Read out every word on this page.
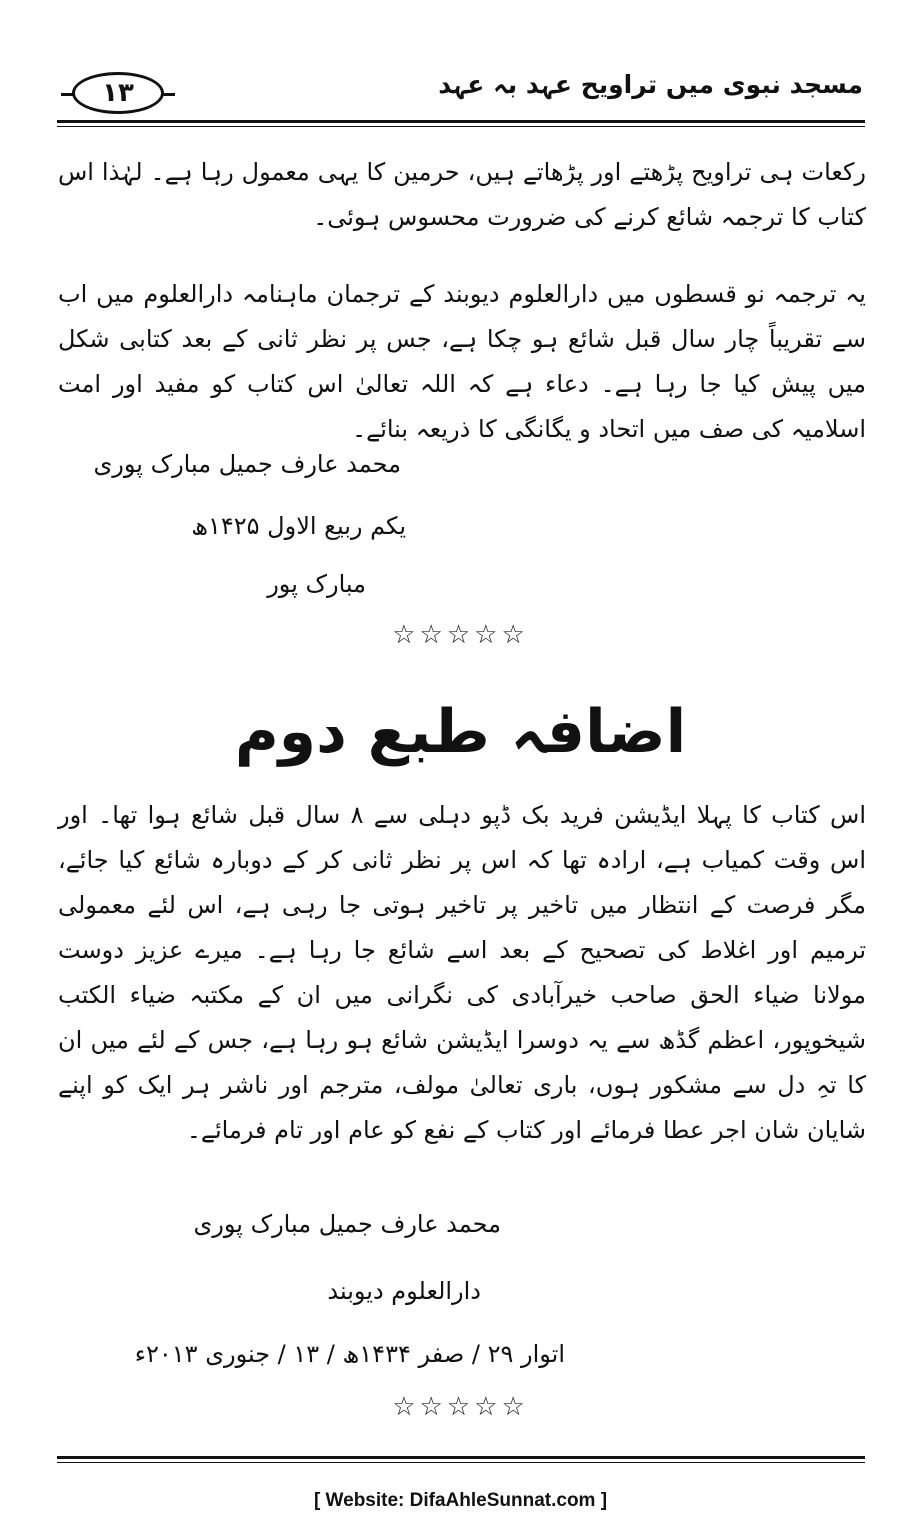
۱۳	مسجد نبوی میں تراویح عہد بہ عہد
رکعات ہی تراویح پڑھتے اور پڑھاتے ہیں، حرمین کا یہی معمول رہا ہے۔ لہٰذا اس کتاب کا ترجمہ شائع کرنے کی ضرورت محسوس ہوئی۔
یہ ترجمہ نو قسطوں میں دارالعلوم دیوبند کے ترجمان ماہنامہ دارالعلوم میں اب سے تقریباً چار سال قبل شائع ہو چکا ہے، جس پر نظر ثانی کے بعد کتابی شکل میں پیش کیا جا رہا ہے۔ دعاء ہے کہ اللہ تعالیٰ اس کتاب کو مفید اور امت اسلامیہ کی صف میں اتحاد و یگانگی کا ذریعہ بنائے۔
محمد عارف جمیل مبارک پوری
یکم ربیع الاول ۱۴۲۵ھ
مبارک پور
☆☆☆☆☆
اضافہ طبع دوم
اس کتاب کا پہلا ایڈیشن فرید بک ڈپو دہلی سے ۸ سال قبل شائع ہوا تھا۔ اور اس وقت کمیاب ہے، ارادہ تھا کہ اس پر نظر ثانی کر کے دوبارہ شائع کیا جائے، مگر فرصت کے انتظار میں تاخیر پر تاخیر ہوتی جا رہی ہے، اس لئے معمولی ترمیم اور اغلاط کی تصحیح کے بعد اسے شائع جا رہا ہے۔ میرے عزیز دوست مولانا ضیاء الحق صاحب خیرآبادی کی نگرانی میں ان کے مکتبہ ضیاء الکتب شیخوپور، اعظم گڈھ سے یہ دوسرا ایڈیشن شائع ہو رہا ہے، جس کے لئے میں ان کا تہِ دل سے مشکور ہوں، باری تعالیٰ مولف، مترجم اور ناشر ہر ایک کو اپنے شایان شان اجر عطا فرمائے اور کتاب کے نفع کو عام اور تام فرمائے۔
محمد عارف جمیل مبارک پوری
دارالعلوم دیوبند
اتوار ۲۹ / صفر ۱۴۳۴ھ / ۱۳ / جنوری ۲۰۱۳ء
☆☆☆☆☆
[ Website: DifaAhleSunnat.com ]
